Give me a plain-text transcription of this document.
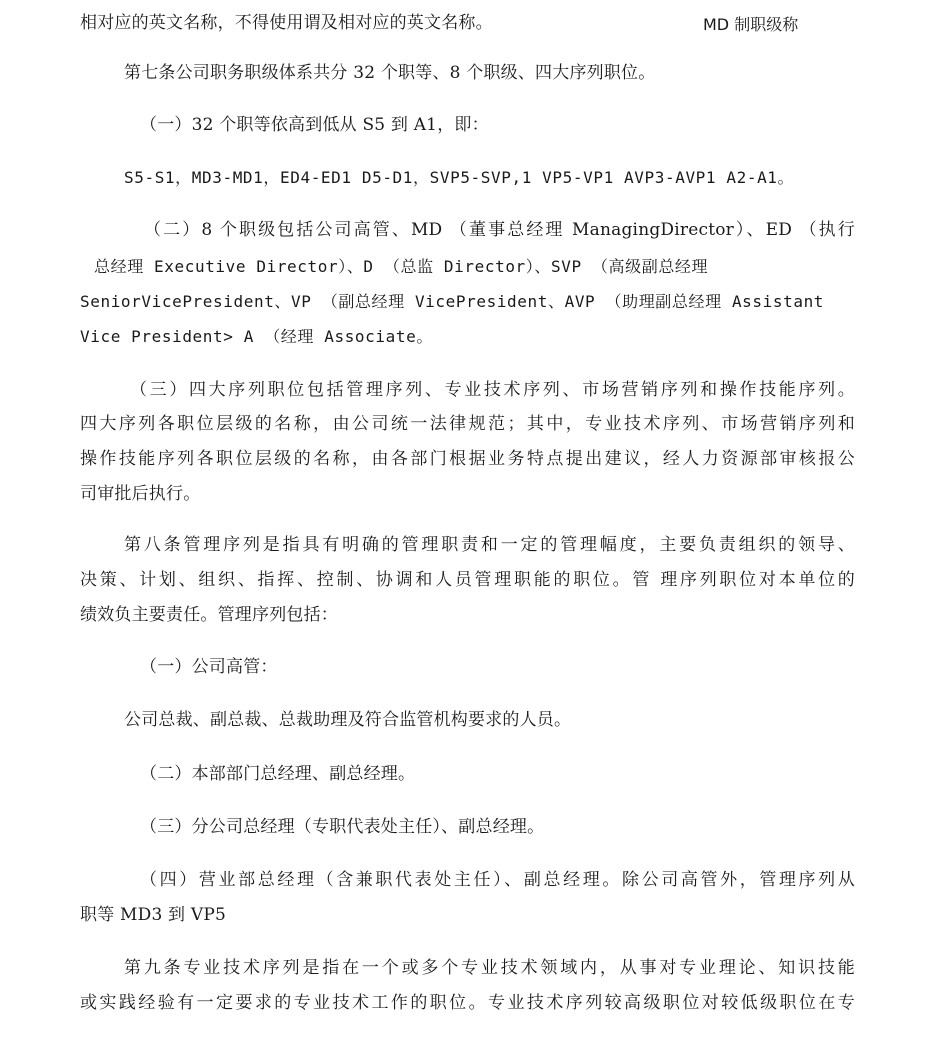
相对应的英文名称，不得使用谓及相对应的英文名称。	MD 制职级称
第七条公司职务职级体系共分 32 个职等、8 个职级、四大序列职位。
（一）32 个职等依高到低从 S5 到 A1，即：
S5-S1，MD3-MD1，ED4-ED1 D5-D1，SVP5-SVP,1 VP5-VP1 AVP3-AVP1 A2-A1。
（二）8 个职级包括公司高管、MD （董事总经理 ManagingDirector）、ED （执行
总经理 Executive Director）、D （总监 Director）、SVP （高级副总经理
SeniorVicePresident、VP （副总经理 VicePresident、AVP （助理副总经理 Assistant
Vice President> A （经理 Associate。
（三）四大序列职位包括管理序列、专业技术序列、市场营销序列和操作技能序列。
四大序列各职位层级的名称，由公司统一法律规范；其中，专业技术序列、市场营销序列和
操作技能序列各职位层级的名称，由各部门根据业务特点提出建议，经人力资源部审核报公
司审批后执行。
第八条管理序列是指具有明确的管理职责和一定的管理幅度，主要负责组织的领导、
决策、计划、组织、指挥、控制、协调和人员管理职能的职位。管 理序列职位对本单位的
绩效负主要责任。管理序列包括：
（一）公司高管：
公司总裁、副总裁、总裁助理及符合监管机构要求的人员。
（二）本部部门总经理、副总经理。
（三）分公司总经理（专职代表处主任）、副总经理。
（四）营业部总经理（含兼职代表处主任）、副总经理。除公司高管外，管理序列从
职等 MD3 到 VP5
第九条专业技术序列是指在一个或多个专业技术领域内，从事对专业理论、知识技能
或实践经验有一定要求的专业技术工作的职位。专业技术序列较高级职位对较低级职位在专
